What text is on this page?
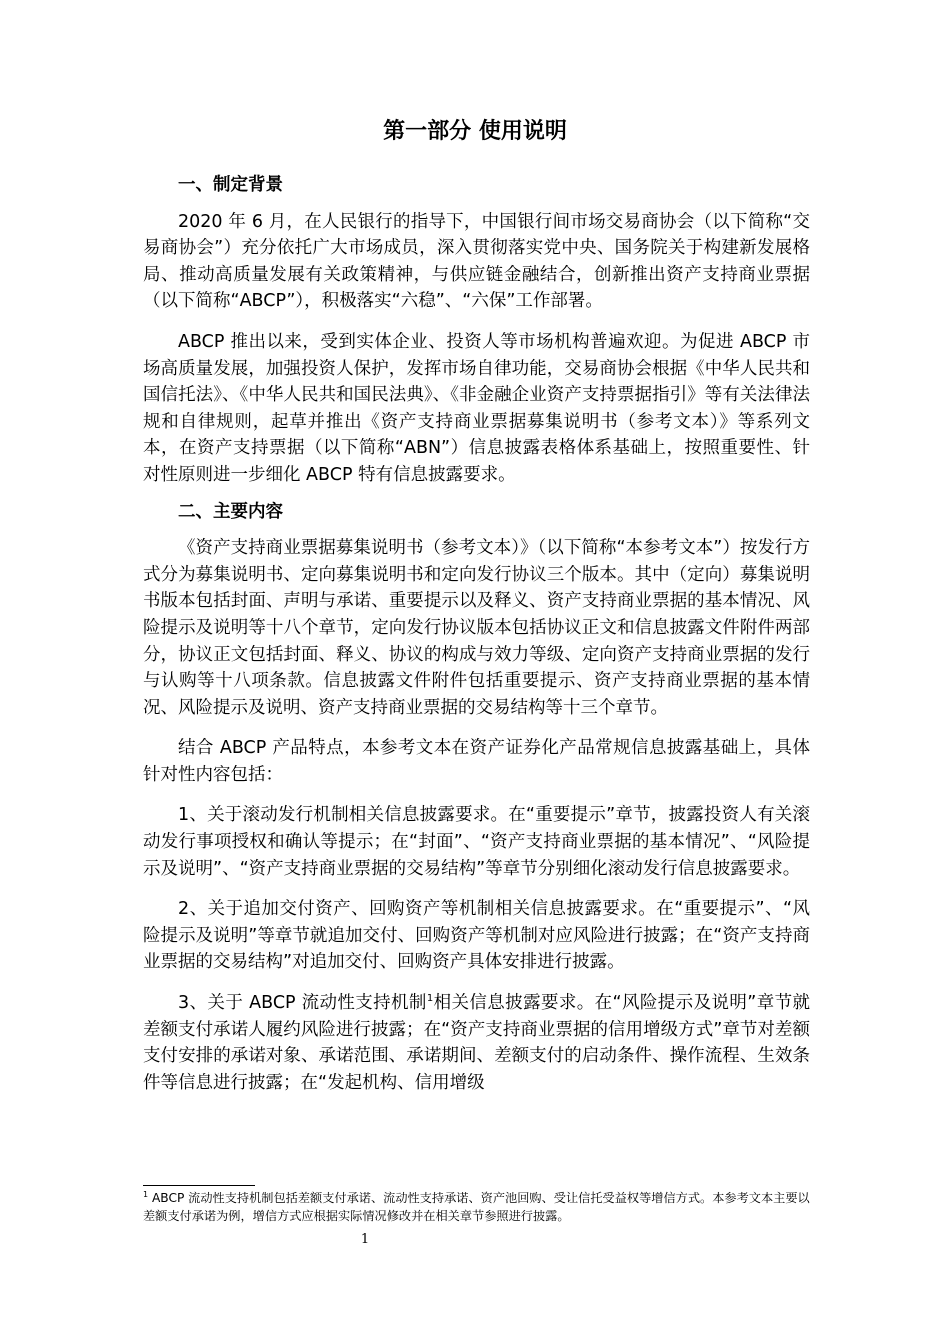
第一部分 使用说明

一、制定背景

2020 年 6 月，在人民银行的指导下，中国银行间市场交易商协会（以下简称“交易商协会”）充分依托广大市场成员，深入贯彻落实党中央、国务院关于构建新发展格局、推动高质量发展有关政策精神，与供应链金融结合，创新推出资产支持商业票据（以下简称“ABCP”），积极落实“六稳”、“六保”工作部署。

ABCP 推出以来，受到实体企业、投资人等市场机构普遍欢迎。为促进 ABCP 市场高质量发展，加强投资人保护，发挥市场自律功能，交易商协会根据《中华人民共和国信托法》、《中华人民共和国民法典》、《非金融企业资产支持票据指引》等有关法律法规和自律规则，起草并推出《资产支持商业票据募集说明书（参考文本）》等系列文本，在资产支持票据（以下简称“ABN”）信息披露表格体系基础上，按照重要性、针对性原则进一步细化 ABCP 特有信息披露要求。

二、主要内容

《资产支持商业票据募集说明书（参考文本）》（以下简称“本参考文本”）按发行方式分为募集说明书、定向募集说明书和定向发行协议三个版本。其中（定向）募集说明书版本包括封面、声明与承诺、重要提示以及释义、资产支持商业票据的基本情况、风险提示及说明等十八个章节，定向发行协议版本包括协议正文和信息披露文件附件两部分，协议正文包括封面、释义、协议的构成与效力等级、定向资产支持商业票据的发行与认购等十八项条款。信息披露文件附件包括重要提示、资产支持商业票据的基本情况、风险提示及说明、资产支持商业票据的交易结构等十三个章节。

结合 ABCP 产品特点，本参考文本在资产证券化产品常规信息披露基础上，具体针对性内容包括：

1、关于滚动发行机制相关信息披露要求。在“重要提示”章节，披露投资人有关滚动发行事项授权和确认等提示；在“封面”、“资产支持商业票据的基本情况”、“风险提示及说明”、“资产支持商业票据的交易结构”等章节分别细化滚动发行信息披露要求。

2、关于追加交付资产、回购资产等机制相关信息披露要求。在“重要提示”、“风险提示及说明”等章节就追加交付、回购资产等机制对应风险进行披露；在“资产支持商业票据的交易结构”对追加交付、回购资产具体安排进行披露。

3、关于 ABCP 流动性支持机制$^1$相关信息披露要求。在“风险提示及说明”章节就差额支付承诺人履约风险进行披露；在“资产支持商业票据的信用增级方式”章节对差额支付安排的承诺对象、承诺范围、承诺期间、差额支付的启动条件、操作流程、生效条件等信息进行披露；在“发起机构、信用增级

$^1$ ABCP 流动性支持机制包括差额支付承诺、流动性支持承诺、资产池回购、受让信托受益权等增信方式。本参考文本主要以差额支付承诺为例，增信方式应根据实际情况修改并在相关章节参照进行披露。

1
